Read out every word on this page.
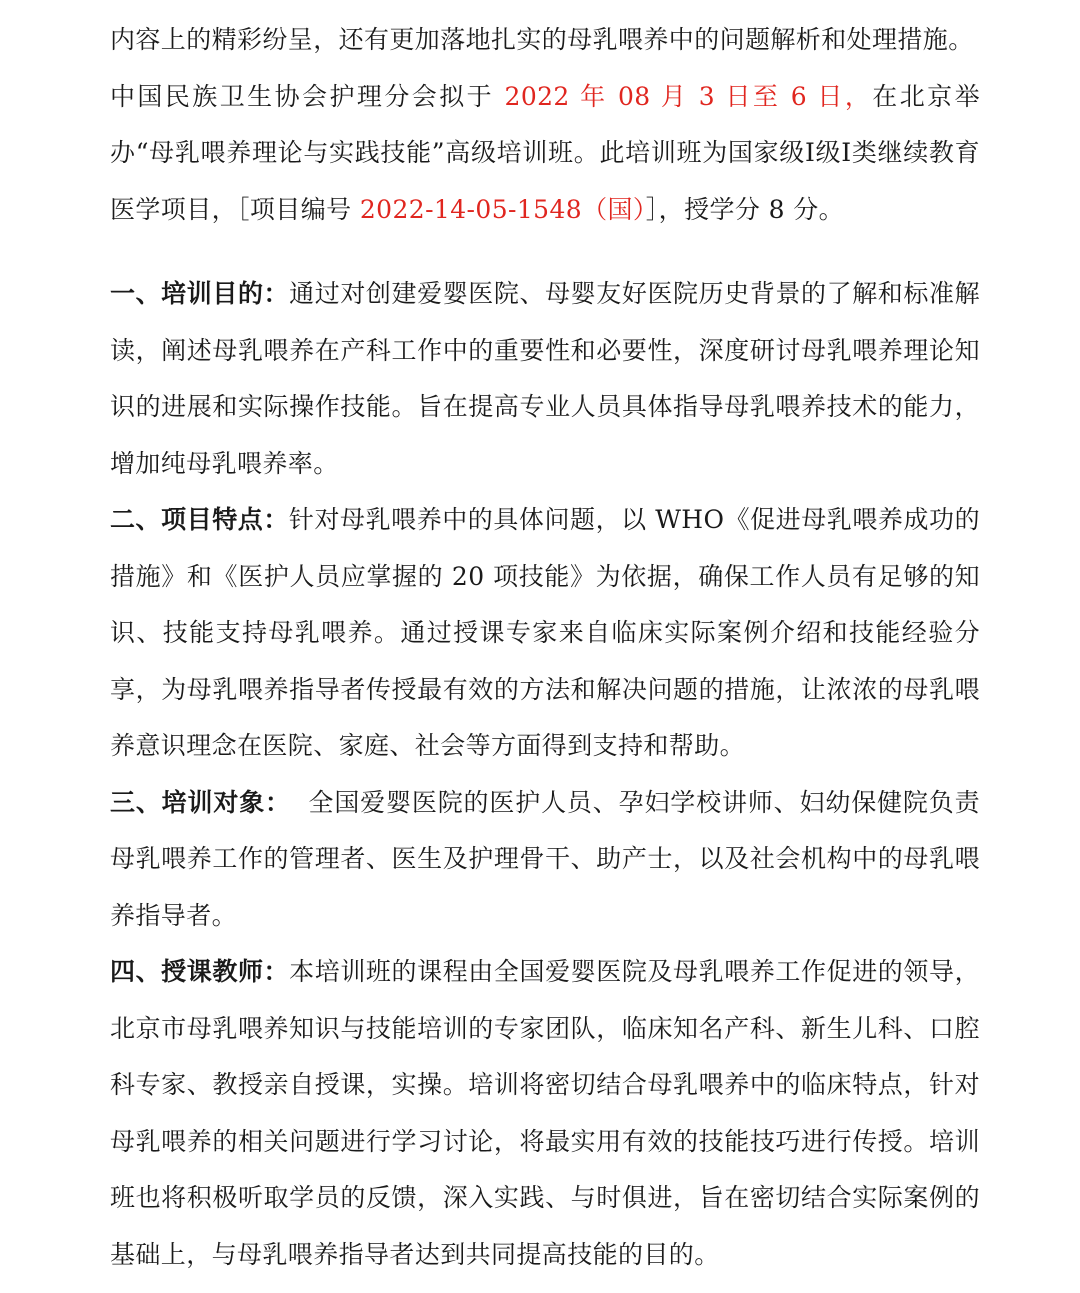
内容上的精彩纷呈，还有更加落地扎实的母乳喂养中的问题解析和处理措施。

中国民族卫生协会护理分会拟于 2022 年 08 月 3 日至 6 日，在北京举办“母乳喂养理论与实践技能”高级培训班。此培训班为国家级Ⅰ级Ⅰ类继续教育医学项目，［项目编号 2022-14-05-1548（国）］，授学分 8 分。

一、培训目的：通过对创建爱婴医院、母婴友好医院历史背景的了解和标准解读，阐述母乳喂养在产科工作中的重要性和必要性，深度研讨母乳喂养理论知识的进展和实际操作技能。旨在提高专业人员具体指导母乳喂养技术的能力，增加纯母乳喂养率。

二、项目特点：针对母乳喂养中的具体问题，以 WHO《促进母乳喂养成功的措施》和《医护人员应掌握的 20 项技能》为依据，确保工作人员有足够的知识、技能支持母乳喂养。通过授课专家来自临床实际案例介绍和技能经验分享，为母乳喂养指导者传授最有效的方法和解决问题的措施，让浓浓的母乳喂养意识理念在医院、家庭、社会等方面得到支持和帮助。

三、培训对象：  全国爱婴医院的医护人员、孕妇学校讲师、妇幼保健院负责母乳喂养工作的管理者、医生及护理骨干、助产士，以及社会机构中的母乳喂养指导者。

四、授课教师：本培训班的课程由全国爱婴医院及母乳喂养工作促进的领导，北京市母乳喂养知识与技能培训的专家团队，临床知名产科、新生儿科、口腔科专家、教授亲自授课，实操。培训将密切结合母乳喂养中的临床特点，针对母乳喂养的相关问题进行学习讨论，将最实用有效的技能技巧进行传授。培训班也将积极听取学员的反馈，深入实践、与时俱进，旨在密切结合实际案例的基础上，与母乳喂养指导者达到共同提高技能的目的。
